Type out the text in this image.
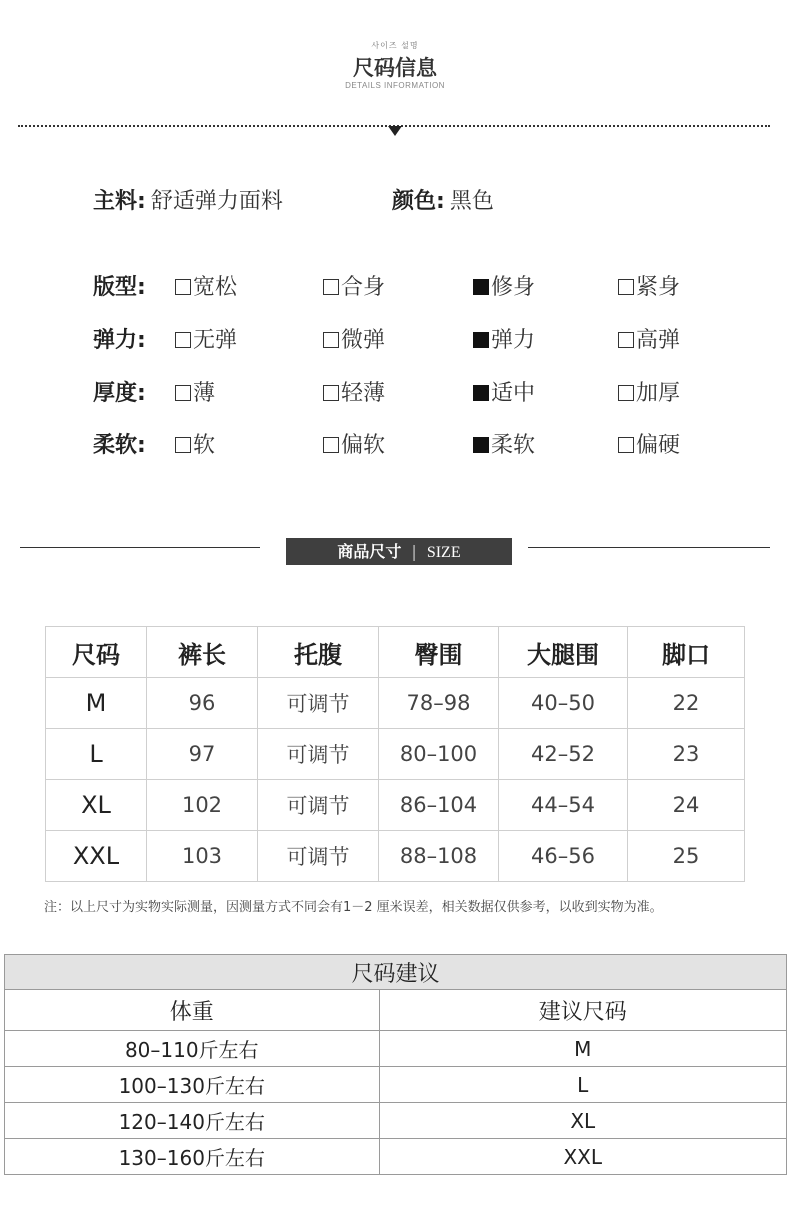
사이즈 설명
尺码信息
DETAILS INFORMATION
主料: 舒适弹力面料	颜色: 黑色
版型:	宽松	合身	修身	紧身
弹力:	无弹	微弹	弹力	高弹
厚度:	薄	轻薄	适中	加厚
柔软:	软	偏软	柔软	偏硬
商品尺寸 | SIZE
尺码	裤长	托腹	臀围	大腿围	脚口
M	96	可调节	78–98	40–50	22
L	97	可调节	80–100	42–52	23
XL	102	可调节	86–104	44–54	24
XXL	103	可调节	88–108	46–56	25
注：以上尺寸为实物实际测量，因测量方式不同会有1－2 厘米误差，相关数据仅供参考，以收到实物为准。
尺码建议	
体重	建议尺码
80–110斤左右	M
100–130斤左右	L
120–140斤左右	XL
130–160斤左右	XXL
